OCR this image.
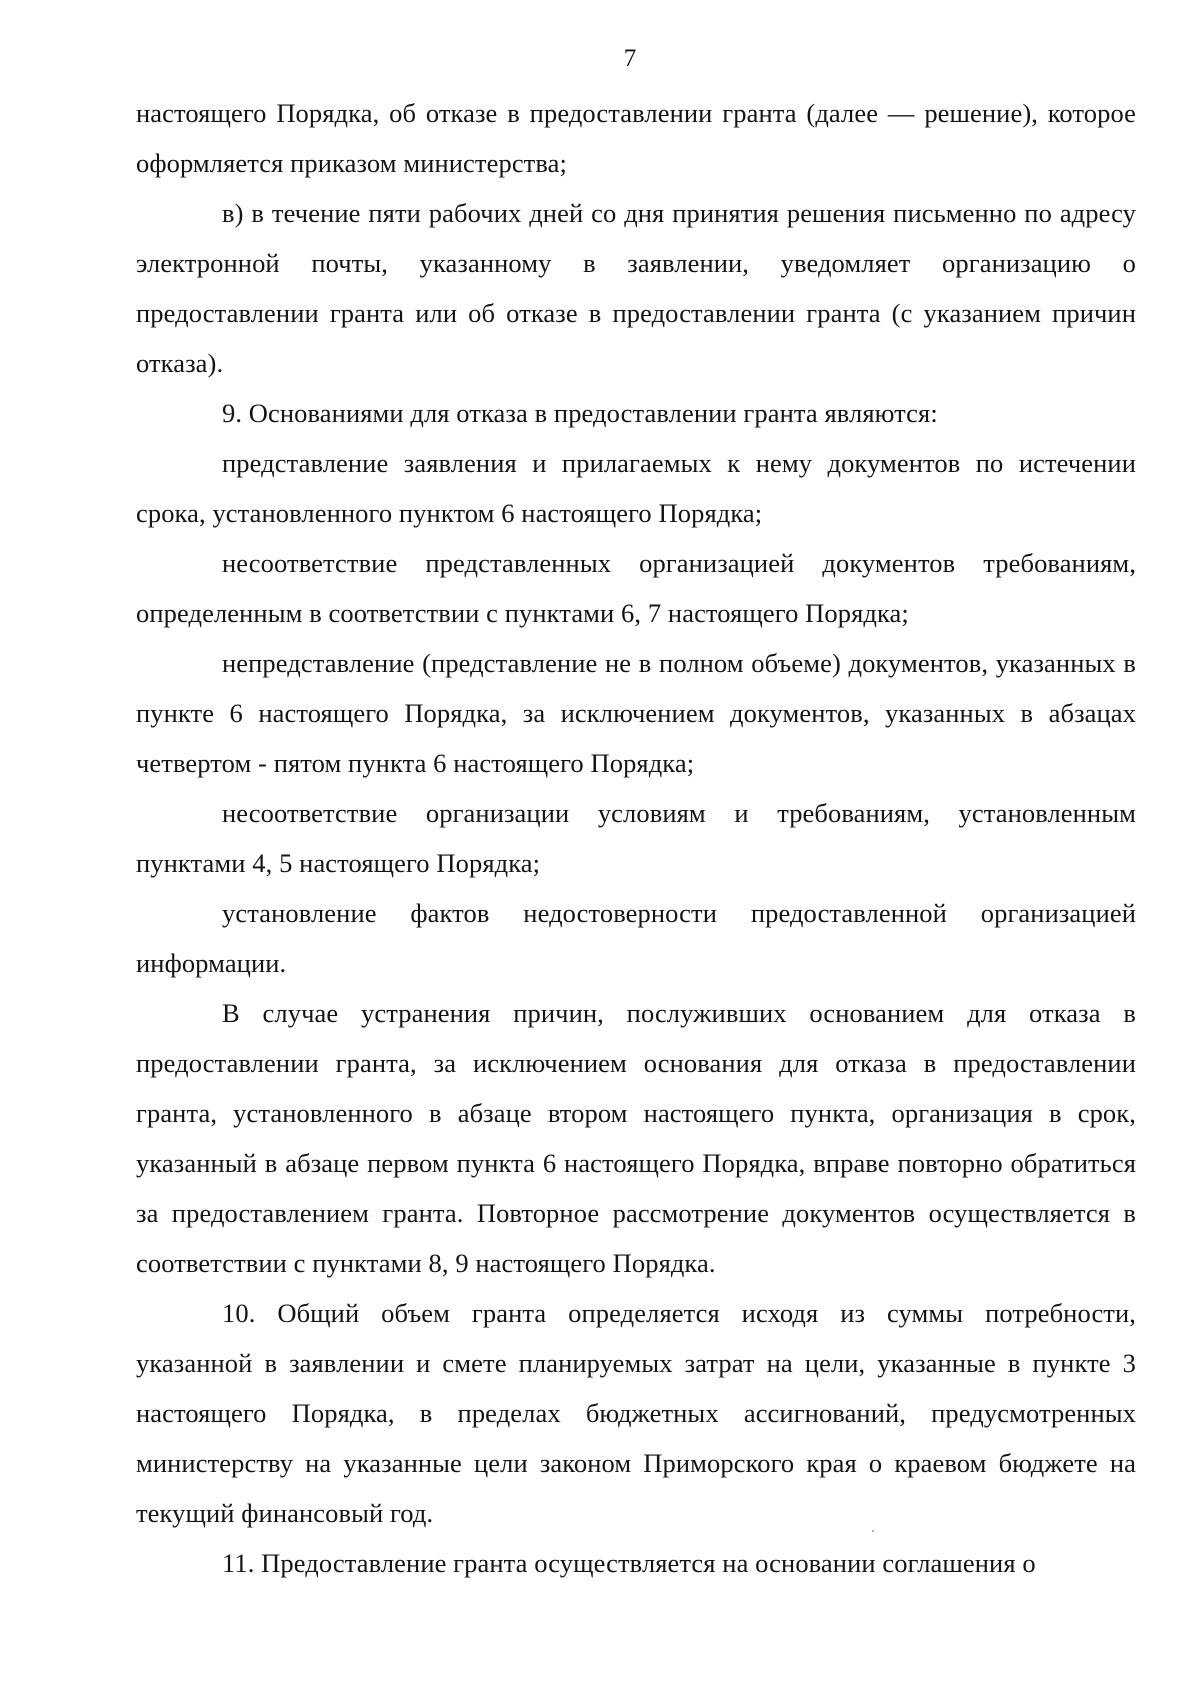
7

настоящего Порядка, об отказе в предоставлении гранта (далее — решение), которое оформляется приказом министерства;

в) в течение пяти рабочих дней со дня принятия решения письменно по адресу электронной почты, указанному в заявлении, уведомляет организацию о предоставлении гранта или об отказе в предоставлении гранта (с указанием причин отказа).

9. Основаниями для отказа в предоставлении гранта являются:

представление заявления и прилагаемых к нему документов по истечении срока, установленного пунктом 6 настоящего Порядка;

несоответствие представленных организацией документов требованиям, определенным в соответствии с пунктами 6, 7 настоящего Порядка;

непредставление (представление не в полном объеме) документов, указанных в пункте 6 настоящего Порядка, за исключением документов, указанных в абзацах четвертом - пятом пункта 6 настоящего Порядка;

несоответствие организации условиям и требованиям, установленным пунктами 4, 5 настоящего Порядка;

установление фактов недостоверности предоставленной организацией информации.

В случае устранения причин, послуживших основанием для отказа в предоставлении гранта, за исключением основания для отказа в предоставлении гранта, установленного в абзаце втором настоящего пункта, организация в срок, указанный в абзаце первом пункта 6 настоящего Порядка, вправе повторно обратиться за предоставлением гранта. Повторное рассмотрение документов осуществляется в соответствии с пунктами 8, 9 настоящего Порядка.

10. Общий объем гранта определяется исходя из суммы потребности, указанной в заявлении и смете планируемых затрат на цели, указанные в пункте 3 настоящего Порядка, в пределах бюджетных ассигнований, предусмотренных министерству на указанные цели законом Приморского края о краевом бюджете на текущий финансовый год.

11. Предоставление гранта осуществляется на основании соглашения о
